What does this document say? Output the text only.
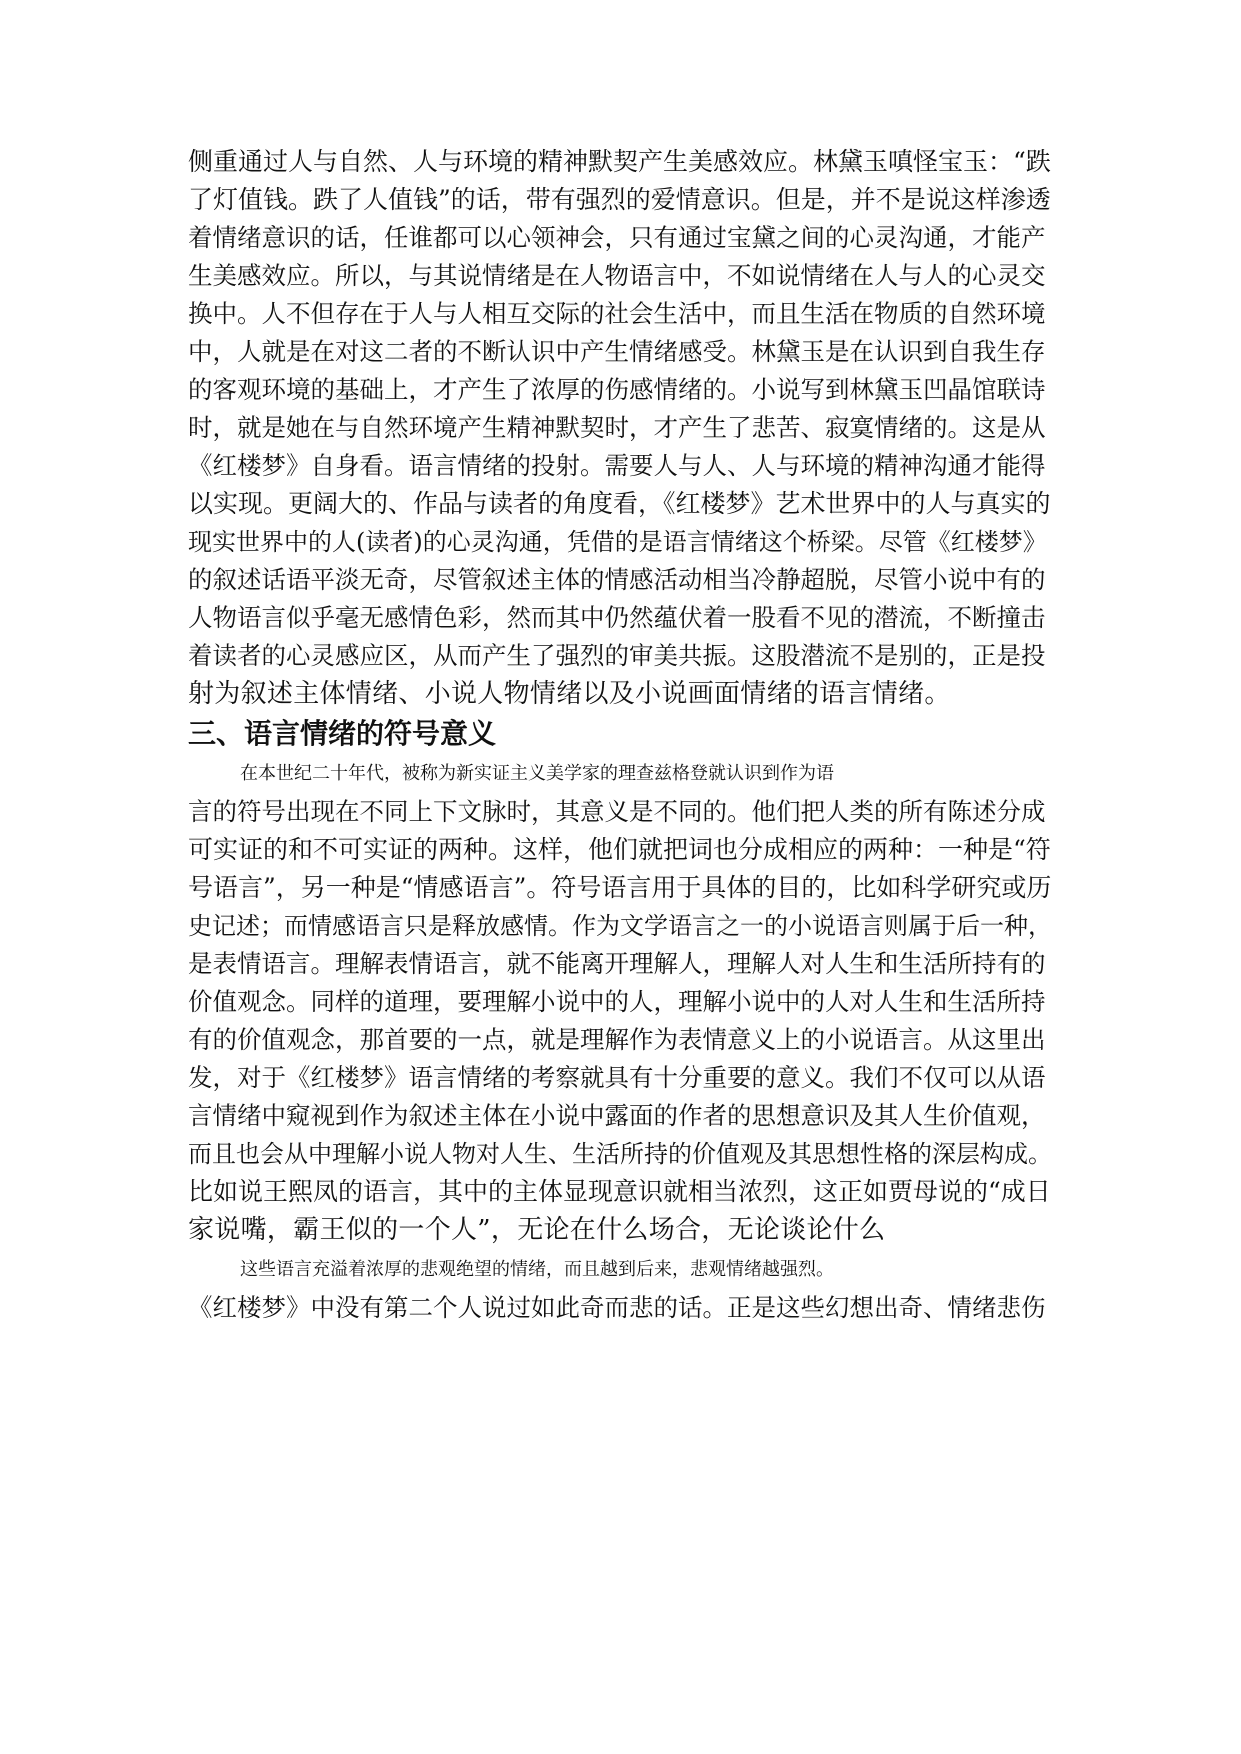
侧重通过人与自然、人与环境的精神默契产生美感效应。林黛玉嗔怪宝玉：“跌
了灯值钱。跌了人值钱”的话，带有强烈的爱情意识。但是，并不是说这样渗透
着情绪意识的话，任谁都可以心领神会，只有通过宝黛之间的心灵沟通，才能产
生美感效应。所以，与其说情绪是在人物语言中，不如说情绪在人与人的心灵交
换中。人不但存在于人与人相互交际的社会生活中，而且生活在物质的自然环境
中，人就是在对这二者的不断认识中产生情绪感受。林黛玉是在认识到自我生存
的客观环境的基础上，才产生了浓厚的伤感情绪的。小说写到林黛玉凹晶馆联诗
时，就是她在与自然环境产生精神默契时，才产生了悲苦、寂寞情绪的。这是从
《红楼梦》自身看。语言情绪的投射。需要人与人、人与环境的精神沟通才能得
以实现。更阔大的、作品与读者的角度看，《红楼梦》艺术世界中的人与真实的
现实世界中的人(读者)的心灵沟通，凭借的是语言情绪这个桥梁。尽管《红楼梦》
的叙述话语平淡无奇，尽管叙述主体的情感活动相当冷静超脱，尽管小说中有的
人物语言似乎毫无感情色彩，然而其中仍然蕴伏着一股看不见的潜流，不断撞击
着读者的心灵感应区，从而产生了强烈的审美共振。这股潜流不是别的，正是投
射为叙述主体情绪、小说人物情绪以及小说画面情绪的语言情绪。
三、语言情绪的符号意义
在本世纪二十年代，被称为新实证主义美学家的理查兹格登就认识到作为语
言的符号出现在不同上下文脉时，其意义是不同的。他们把人类的所有陈述分成
可实证的和不可实证的两种。这样，他们就把词也分成相应的两种：一种是“符
号语言”，另一种是“情感语言”。符号语言用于具体的目的，比如科学研究或历
史记述；而情感语言只是释放感情。作为文学语言之一的小说语言则属于后一种，
是表情语言。理解表情语言，就不能离开理解人，理解人对人生和生活所持有的
价值观念。同样的道理，要理解小说中的人，理解小说中的人对人生和生活所持
有的价值观念，那首要的一点，就是理解作为表情意义上的小说语言。从这里出
发，对于《红楼梦》语言情绪的考察就具有十分重要的意义。我们不仅可以从语
言情绪中窥视到作为叙述主体在小说中露面的作者的思想意识及其人生价值观，
而且也会从中理解小说人物对人生、生活所持的价值观及其思想性格的深层构成。
比如说王熙凤的语言，其中的主体显现意识就相当浓烈，这正如贾母说的“成日
家说嘴，霸王似的一个人”，无论在什么场合，无论谈论什么
这些语言充溢着浓厚的悲观绝望的情绪，而且越到后来，悲观情绪越强烈。
《红楼梦》中没有第二个人说过如此奇而悲的话。正是这些幻想出奇、情绪悲伤
